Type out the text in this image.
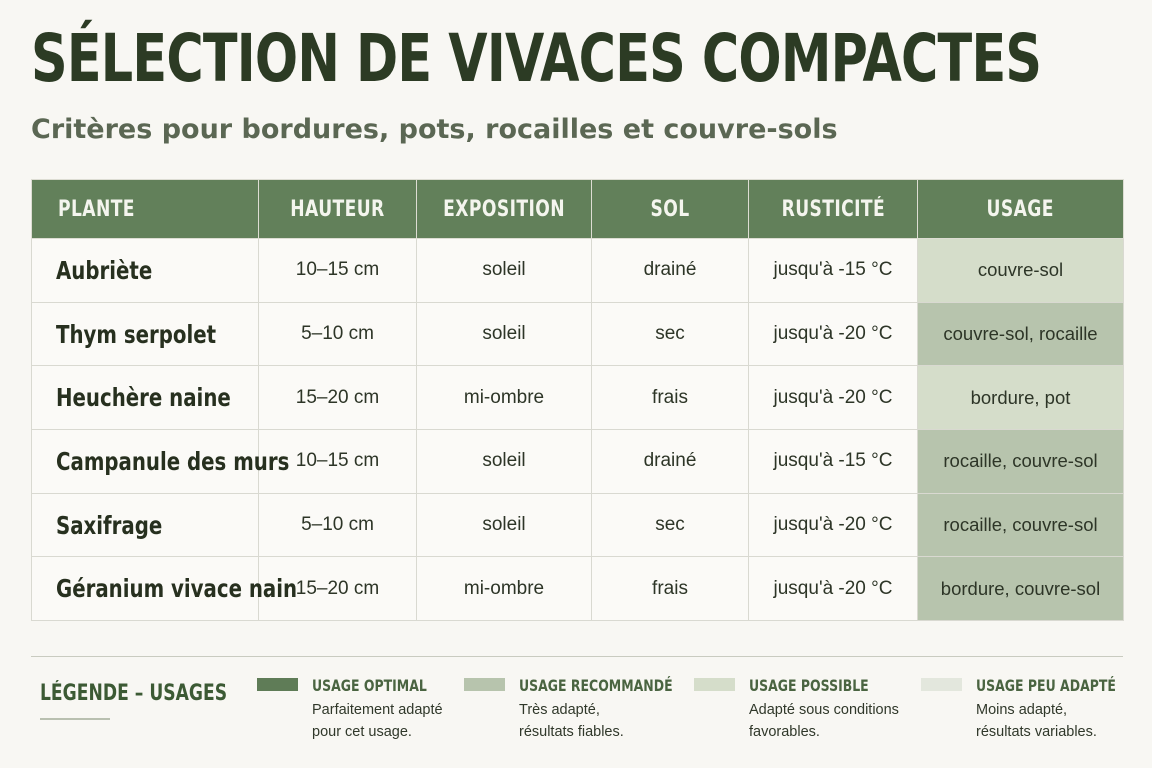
SÉLECTION DE VIVACES COMPACTES
Critères pour bordures, pots, rocailles et couvre-sols
PLANTE	HAUTEUR	EXPOSITION	SOL	RUSTICITÉ	USAGE
Aubriète	10–15 cm	soleil	drainé	jusqu'à -15 °C	couvre-sol
Thym serpolet	5–10 cm	soleil	sec	jusqu'à -20 °C	couvre-sol, rocaille
Heuchère naine	15–20 cm	mi-ombre	frais	jusqu'à -20 °C	bordure, pot
Campanule des murs	10–15 cm	soleil	drainé	jusqu'à -15 °C	rocaille, couvre-sol
Saxifrage	5–10 cm	soleil	sec	jusqu'à -20 °C	rocaille, couvre-sol
Géranium vivace nain	15–20 cm	mi-ombre	frais	jusqu'à -20 °C	bordure, couvre-sol
LÉGENDE – USAGES	USAGE OPTIMAL
Parfaitement adapté
pour cet usage.
USAGE RECOMMANDÉ
Très adapté,
résultats fiables.
USAGE POSSIBLE
Adapté sous conditions
favorables.
USAGE PEU ADAPTÉ
Moins adapté,
résultats variables.
